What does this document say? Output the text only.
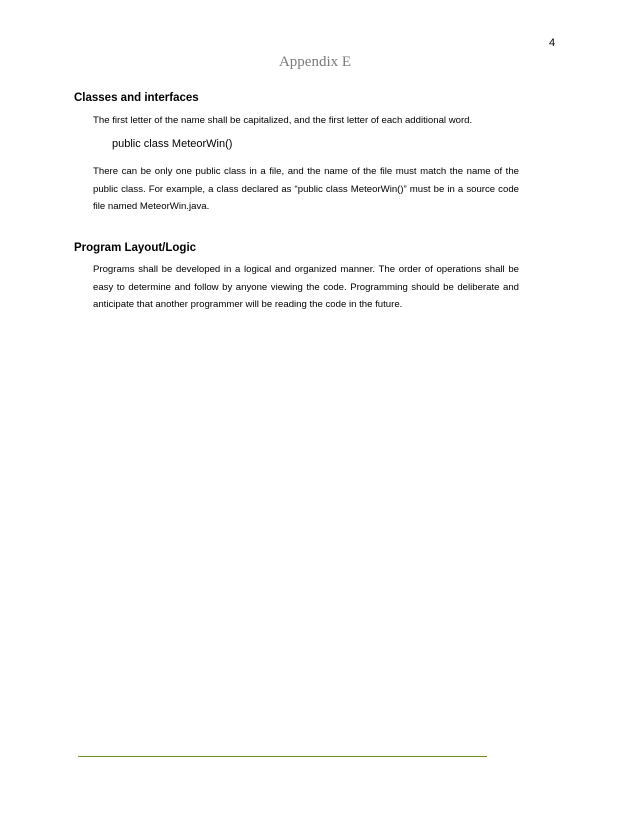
4
Appendix E
Classes and interfaces
The first letter of the name shall be capitalized, and the first letter of each additional word.
public class MeteorWin()
There can be only one public class in a file, and the name of the file must match the name of the public class. For example, a class declared as “public class MeteorWin()” must be in a source code file named MeteorWin.java.
Program Layout/Logic
Programs shall be developed in a logical and organized manner. The order of operations shall be easy to determine and follow by anyone viewing the code. Programming should be deliberate and anticipate that another programmer will be reading the code in the future.
